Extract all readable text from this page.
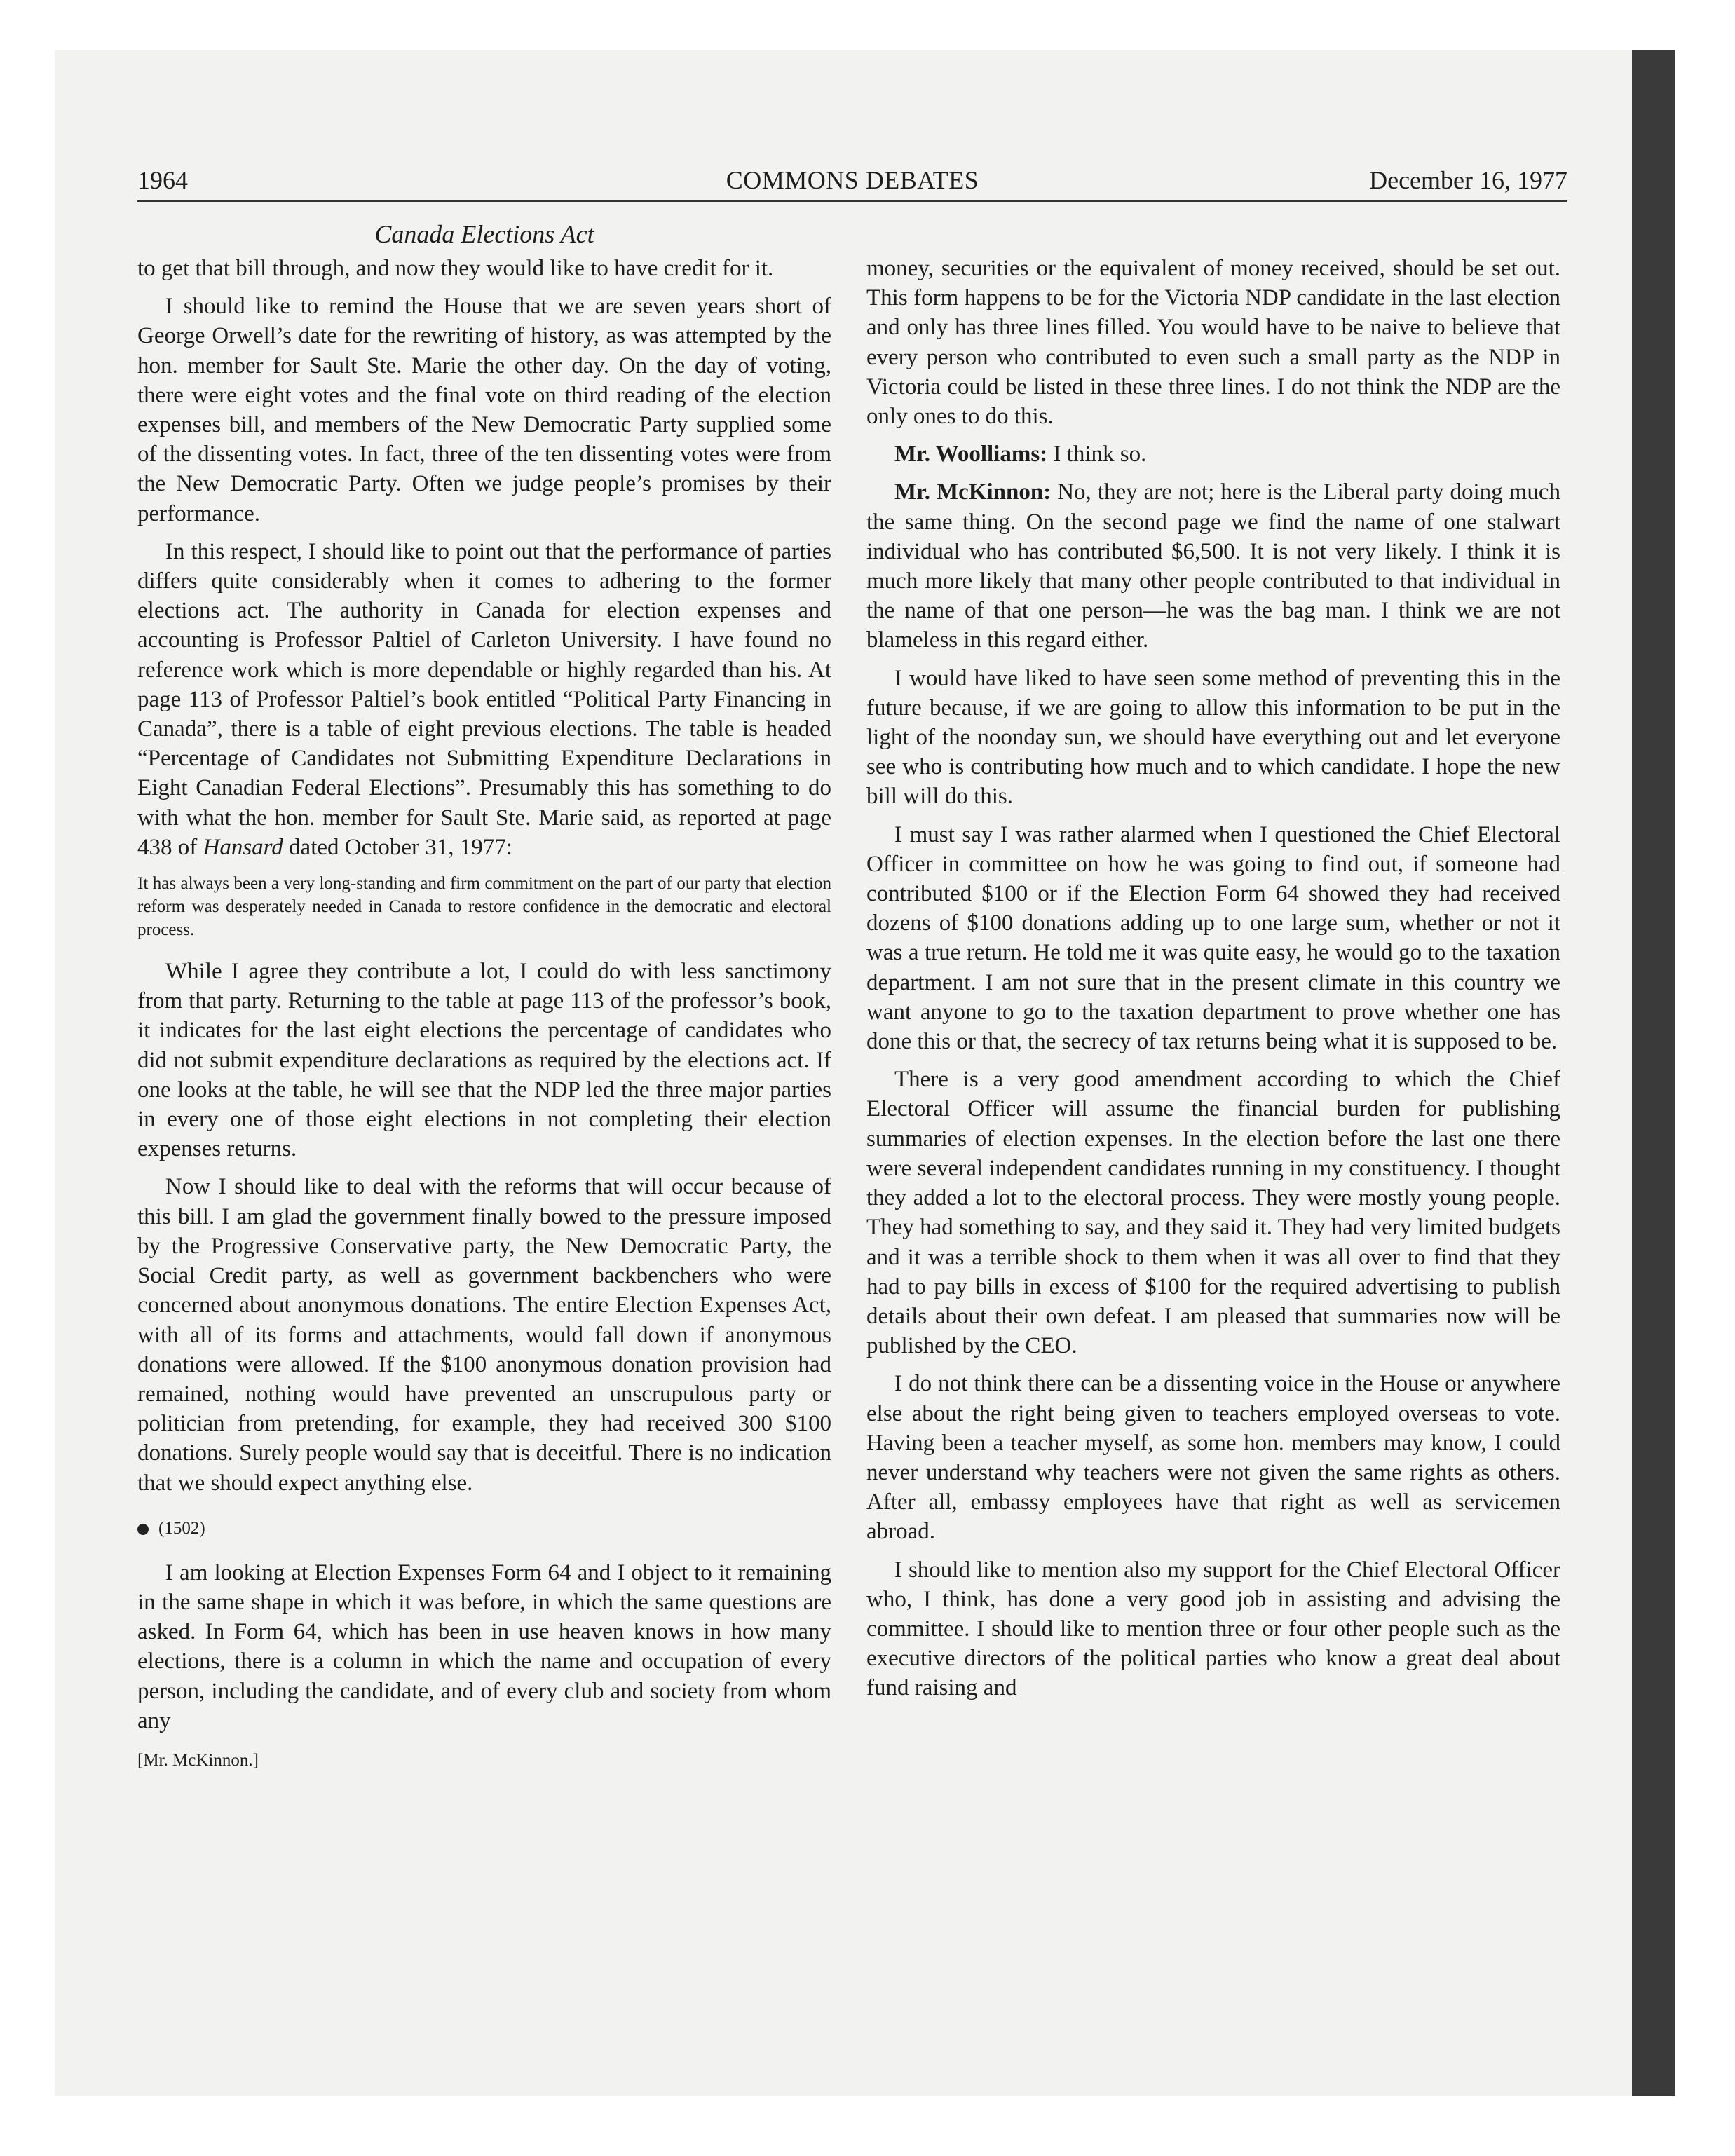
1964	COMMONS DEBATES	December 16, 1977
Canada Elections Act

to get that bill through, and now they would like to have credit for it.

I should like to remind the House that we are seven years short of George Orwell’s date for the rewriting of history, as was attempted by the hon. member for Sault Ste. Marie the other day. On the day of voting, there were eight votes and the final vote on third reading of the election expenses bill, and members of the New Democratic Party supplied some of the dissenting votes. In fact, three of the ten dissenting votes were from the New Democratic Party. Often we judge people’s promises by their performance.

In this respect, I should like to point out that the performance of parties differs quite considerably when it comes to adhering to the former elections act. The authority in Canada for election expenses and accounting is Professor Paltiel of Carleton University. I have found no reference work which is more dependable or highly regarded than his. At page 113 of Professor Paltiel’s book entitled “Political Party Financing in Canada”, there is a table of eight previous elections. The table is headed “Percentage of Candidates not Submitting Expenditure Declarations in Eight Canadian Federal Elections”. Presumably this has something to do with what the hon. member for Sault Ste. Marie said, as reported at page 438 of Hansard dated October 31, 1977:

It has always been a very long-standing and firm commitment on the part of our party that election reform was desperately needed in Canada to restore confidence in the democratic and electoral process.

While I agree they contribute a lot, I could do with less sanctimony from that party. Returning to the table at page 113 of the professor’s book, it indicates for the last eight elections the percentage of candidates who did not submit expenditure declarations as required by the elections act. If one looks at the table, he will see that the NDP led the three major parties in every one of those eight elections in not completing their election expenses returns.

Now I should like to deal with the reforms that will occur because of this bill. I am glad the government finally bowed to the pressure imposed by the Progressive Conservative party, the New Democratic Party, the Social Credit party, as well as government backbenchers who were concerned about anonymous donations. The entire Election Expenses Act, with all of its forms and attachments, would fall down if anonymous donations were allowed. If the $100 anonymous donation provision had remained, nothing would have prevented an unscrupulous party or politician from pretending, for example, they had received 300 $100 donations. Surely people would say that is deceitful. There is no indication that we should expect anything else.

(1502)

I am looking at Election Expenses Form 64 and I object to it remaining in the same shape in which it was before, in which the same questions are asked. In Form 64, which has been in use heaven knows in how many elections, there is a column in which the name and occupation of every person, including the candidate, and of every club and society from whom any

[Mr. McKinnon.]

money, securities or the equivalent of money received, should be set out. This form happens to be for the Victoria NDP candidate in the last election and only has three lines filled. You would have to be naive to believe that every person who contributed to even such a small party as the NDP in Victoria could be listed in these three lines. I do not think the NDP are the only ones to do this.

Mr. Woolliams: I think so.

Mr. McKinnon: No, they are not; here is the Liberal party doing much the same thing. On the second page we find the name of one stalwart individual who has contributed $6,500. It is not very likely. I think it is much more likely that many other people contributed to that individual in the name of that one person—he was the bag man. I think we are not blameless in this regard either.

I would have liked to have seen some method of preventing this in the future because, if we are going to allow this information to be put in the light of the noonday sun, we should have everything out and let everyone see who is contributing how much and to which candidate. I hope the new bill will do this.

I must say I was rather alarmed when I questioned the Chief Electoral Officer in committee on how he was going to find out, if someone had contributed $100 or if the Election Form 64 showed they had received dozens of $100 donations adding up to one large sum, whether or not it was a true return. He told me it was quite easy, he would go to the taxation department. I am not sure that in the present climate in this country we want anyone to go to the taxation department to prove whether one has done this or that, the secrecy of tax returns being what it is supposed to be.

There is a very good amendment according to which the Chief Electoral Officer will assume the financial burden for publishing summaries of election expenses. In the election before the last one there were several independent candidates running in my constituency. I thought they added a lot to the electoral process. They were mostly young people. They had something to say, and they said it. They had very limited budgets and it was a terrible shock to them when it was all over to find that they had to pay bills in excess of $100 for the required advertising to publish details about their own defeat. I am pleased that summaries now will be published by the CEO.

I do not think there can be a dissenting voice in the House or anywhere else about the right being given to teachers employed overseas to vote. Having been a teacher myself, as some hon. members may know, I could never understand why teachers were not given the same rights as others. After all, embassy employees have that right as well as servicemen abroad.

I should like to mention also my support for the Chief Electoral Officer who, I think, has done a very good job in assisting and advising the committee. I should like to mention three or four other people such as the executive directors of the political parties who know a great deal about fund raising and
